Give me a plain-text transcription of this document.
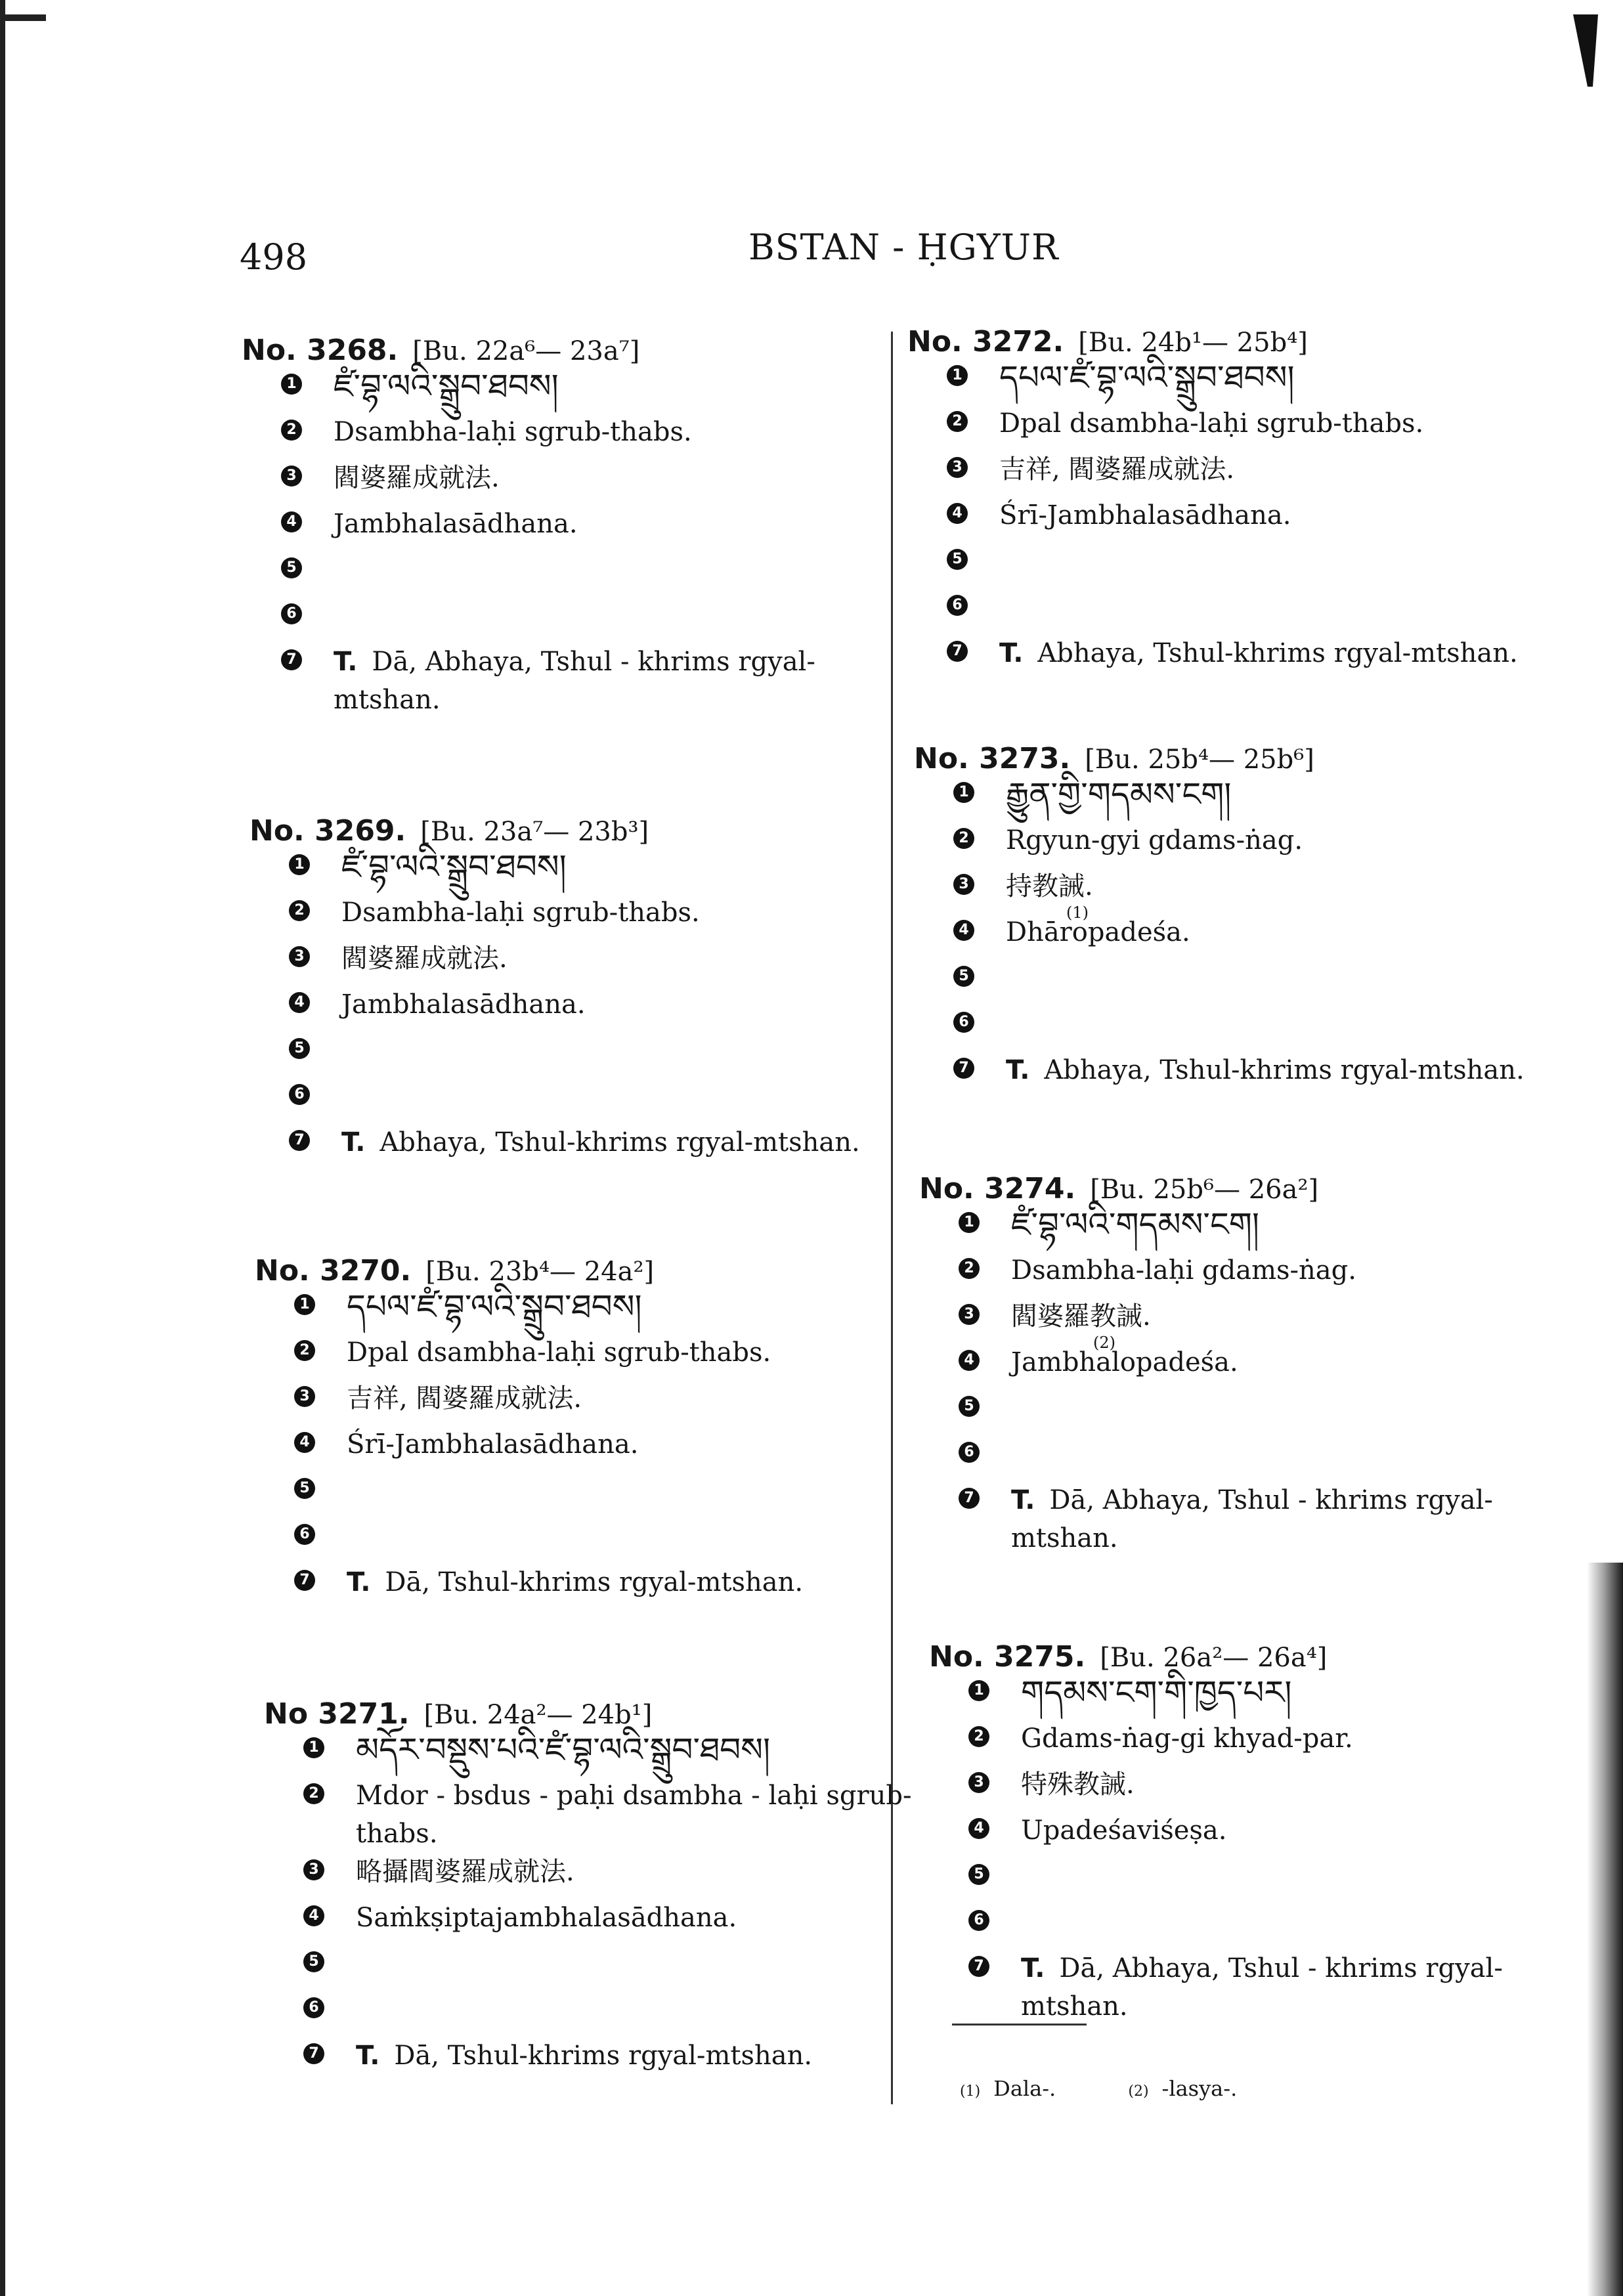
498	BSTAN - ḤGYUR
No. 3268. [Bu. 22a⁶— 23a⁷]
1 ཛཾ་བྷ་ལའི་སྒྲུབ་ཐབས།
2 Dsambha-laḥi sgrub-thabs.
3 閻婆羅成就法.
4 Jambhalasādhana.
5
6
7 T. Dā, Abhaya, Tshul - khrims rgyal-
mtshan.
No. 3269. [Bu. 23a⁷— 23b³]
1 ཛཾ་བྷ་ལའི་སྒྲུབ་ཐབས།
2 Dsambha-laḥi sgrub-thabs.
3 閻婆羅成就法.
4 Jambhalasādhana.
5
6
7 T. Abhaya, Tshul-khrims rgyal-mtshan.
No. 3270. [Bu. 23b⁴— 24a²]
1 དཔལ་ཛཾ་བྷ་ལའི་སྒྲུབ་ཐབས།
2 Dpal dsambha-laḥi sgrub-thabs.
3 吉祥, 閻婆羅成就法.
4 Śrī-Jambhalasādhana.
5
6
7 T. Dā, Tshul-khrims rgyal-mtshan.
No 3271. [Bu. 24a²— 24b¹]
1 མདོར་བསྡུས་པའི་ཛཾ་བྷ་ལའི་སྒྲུབ་ཐབས།
2 Mdor - bsdus - paḥi dsambha - laḥi sgrub-
thabs.
3 略攝閻婆羅成就法.
4 Saṁkṣiptajambhalasādhana.
5
6
7 T. Dā, Tshul-khrims rgyal-mtshan.
No. 3272. [Bu. 24b¹— 25b⁴]
1 དཔལ་ཛཾ་བྷ་ལའི་སྒྲུབ་ཐབས།
2 Dpal dsambha-laḥi sgrub-thabs.
3 吉祥, 閻婆羅成就法.
4 Śrī-Jambhalasādhana.
5
6
7 T. Abhaya, Tshul-khrims rgyal-mtshan.
No. 3273. [Bu. 25b⁴— 25b⁶]
1 རྒྱུན་གྱི་གདམས་ངག།
2 Rgyun-gyi gdams-ṅag.
3 持教誡.
(1)
4 Dhāropadeśa.
5
6
7 T. Abhaya, Tshul-khrims rgyal-mtshan.
No. 3274. [Bu. 25b⁶— 26a²]
1 ཛཾ་བྷ་ལའི་གདམས་ངག།
2 Dsambha-laḥi gdams-ṅag.
3 閻婆羅教誡.
(2)
4 Jambhalopadeśa.
5
6
7 T. Dā, Abhaya, Tshul - khrims rgyal-
mtshan.
No. 3275. [Bu. 26a²— 26a⁴]
1 གདམས་ངག་གི་ཁྱད་པར།
2 Gdams-ṅag-gi khyad-par.
3 特殊教誡.
4 Upadeśaviśeṣa.
5
6
7 T. Dā, Abhaya, Tshul - khrims rgyal-
mtshan.
(1) Dala-.	(2) -lasya-.
